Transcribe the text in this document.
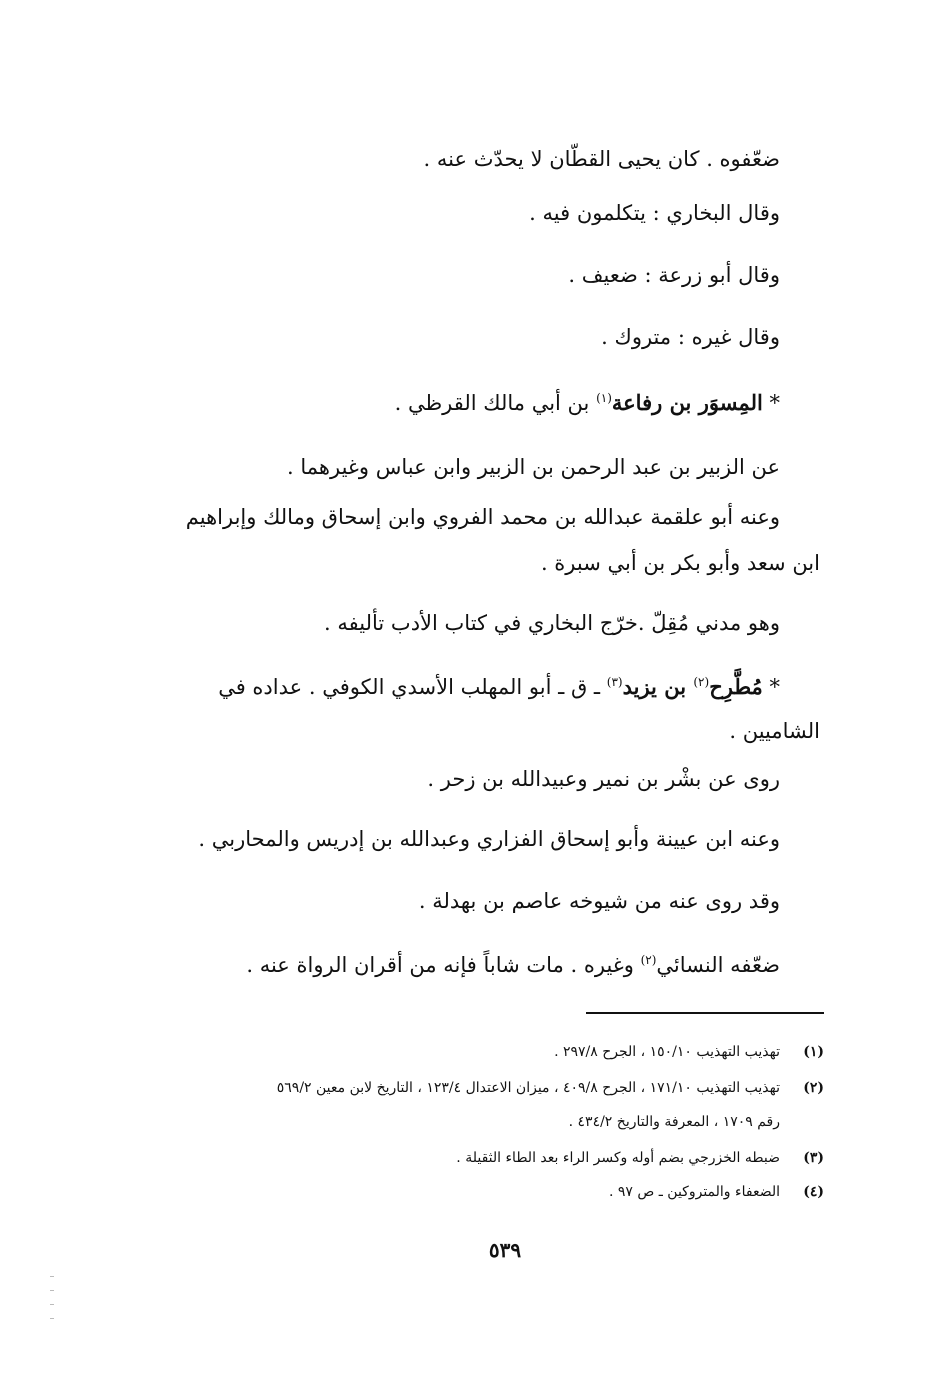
ضعّفوه . كان يحيى القطّان لا يحدّث عنه .
وقال البخاري : يتكلمون فيه .
وقال أبو زرعة : ضعيف .
وقال غيره : متروك .
* المِسوَر بن رفاعة$^{(١)}$ بن أبي مالك القرظي .
عن الزبير بن عبد الرحمن بن الزبير وابن عباس وغيرهما .
وعنه أبو علقمة عبدالله بن محمد الفروي وابن إسحاق ومالك وإبراهيم
ابن سعد وأبو بكر بن أبي سبرة .
وهو مدني مُقِلّ .خرّج البخاري في كتاب الأدب تأليفه .
* مُطَّرِح$^{(٢)}$ بن يزيد$^{(٣)}$ ـ ق ـ أبو المهلب الأسدي الكوفي . عداده في
الشاميين .
روى عن بشْر بن نمير وعبيدالله بن زحر .
وعنه ابن عيينة وأبو إسحاق الفزاري وعبدالله بن إدريس والمحاربي .
وقد روى عنه من شيوخه عاصم بن بهدلة .
ضعّفه النسائي$^{(٢)}$ وغيره . مات شاباً فإنه من أقران الرواة عنه .
(١)
تهذيب التهذيب ١٥٠/١٠ ، الجرح ٢٩٧/٨ .
(٢)
تهذيب التهذيب ١٧١/١٠ ، الجرح ٤٠٩/٨ ، ميزان الاعتدال ١٢٣/٤ ، التاريخ لابن معين ٥٦٩/٢
رقم ١٧٠٩ ، المعرفة والتاريخ ٤٣٤/٢ .
(٣)
ضبطه الخزرجي بضم أوله وكسر الراء بعد الطاء الثقيلة .
(٤)
الضعفاء والمتروكين ـ ص ٩٧ .
٥٣٩
